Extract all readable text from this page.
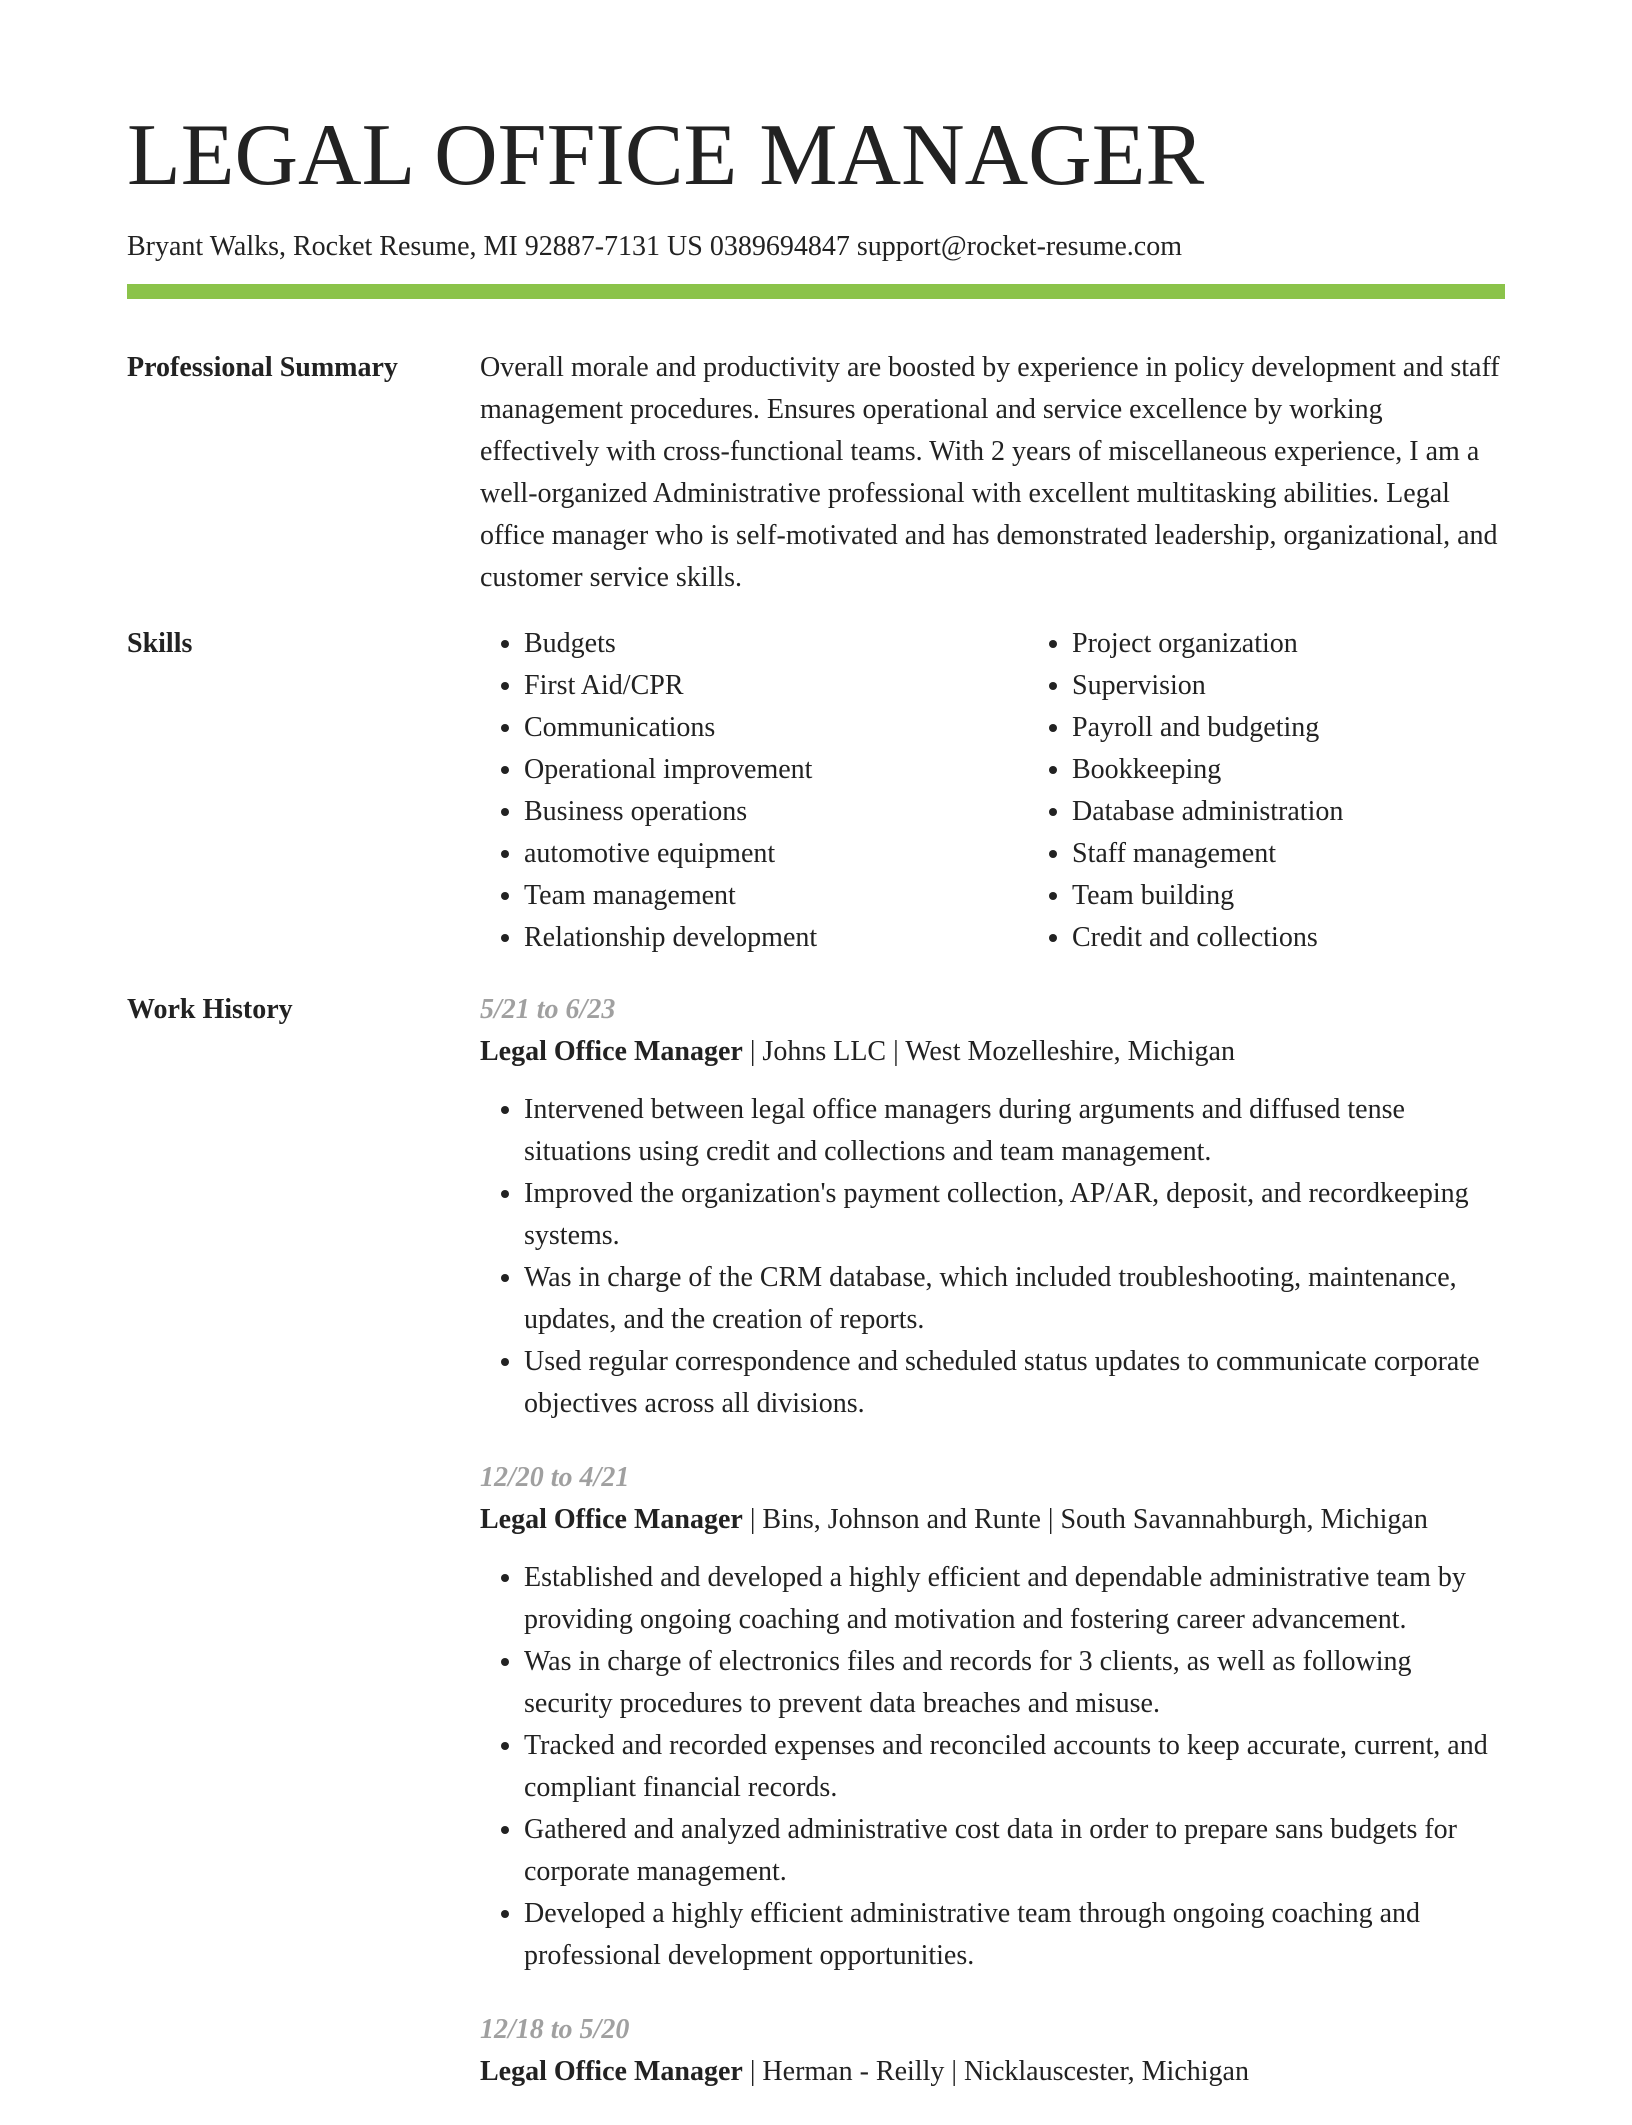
LEGAL OFFICE MANAGER
Bryant Walks, Rocket Resume, MI 92887-7131 US 0389694847 support@rocket-resume.com
Professional Summary	Overall morale and productivity are boosted by experience in policy development and staff management procedures. Ensures operational and service excellence by working effectively with cross-functional teams. With 2 years of miscellaneous experience, I am a well-organized Administrative professional with excellent multitasking abilities. Legal office manager who is self-motivated and has demonstrated leadership, organizational, and customer service skills.

Skills
•	Budgets
• First Aid/CPR
• Communications
• Operational improvement
• Business operations
• automotive equipment
• Team management
• Relationship development
• Project organization
• Supervision
• Payroll and budgeting
• Bookkeeping
• Database administration
• Staff management
• Team building
• Credit and collections
Work History	5/21 to 6/23
Legal Office Manager | Johns LLC | West Mozelleshire, Michigan
• Intervened between legal office managers during arguments and diffused tense situations using credit and collections and team management.
• Improved the organization's payment collection, AP/AR, deposit, and recordkeeping systems.
• Was in charge of the CRM database, which included troubleshooting, maintenance, updates, and the creation of reports.
• Used regular correspondence and scheduled status updates to communicate corporate objectives across all divisions.
12/20 to 4/21
Legal Office Manager | Bins, Johnson and Runte | South Savannahburgh, Michigan
• Established and developed a highly efficient and dependable administrative team by providing ongoing coaching and motivation and fostering career advancement.
• Was in charge of electronics files and records for 3 clients, as well as following security procedures to prevent data breaches and misuse.
• Tracked and recorded expenses and reconciled accounts to keep accurate, current, and compliant financial records.
• Gathered and analyzed administrative cost data in order to prepare sans budgets for corporate management.
• Developed a highly efficient administrative team through ongoing coaching and professional development opportunities.
12/18 to 5/20
Legal Office Manager | Herman - Reilly | Nicklauscester, Michigan
